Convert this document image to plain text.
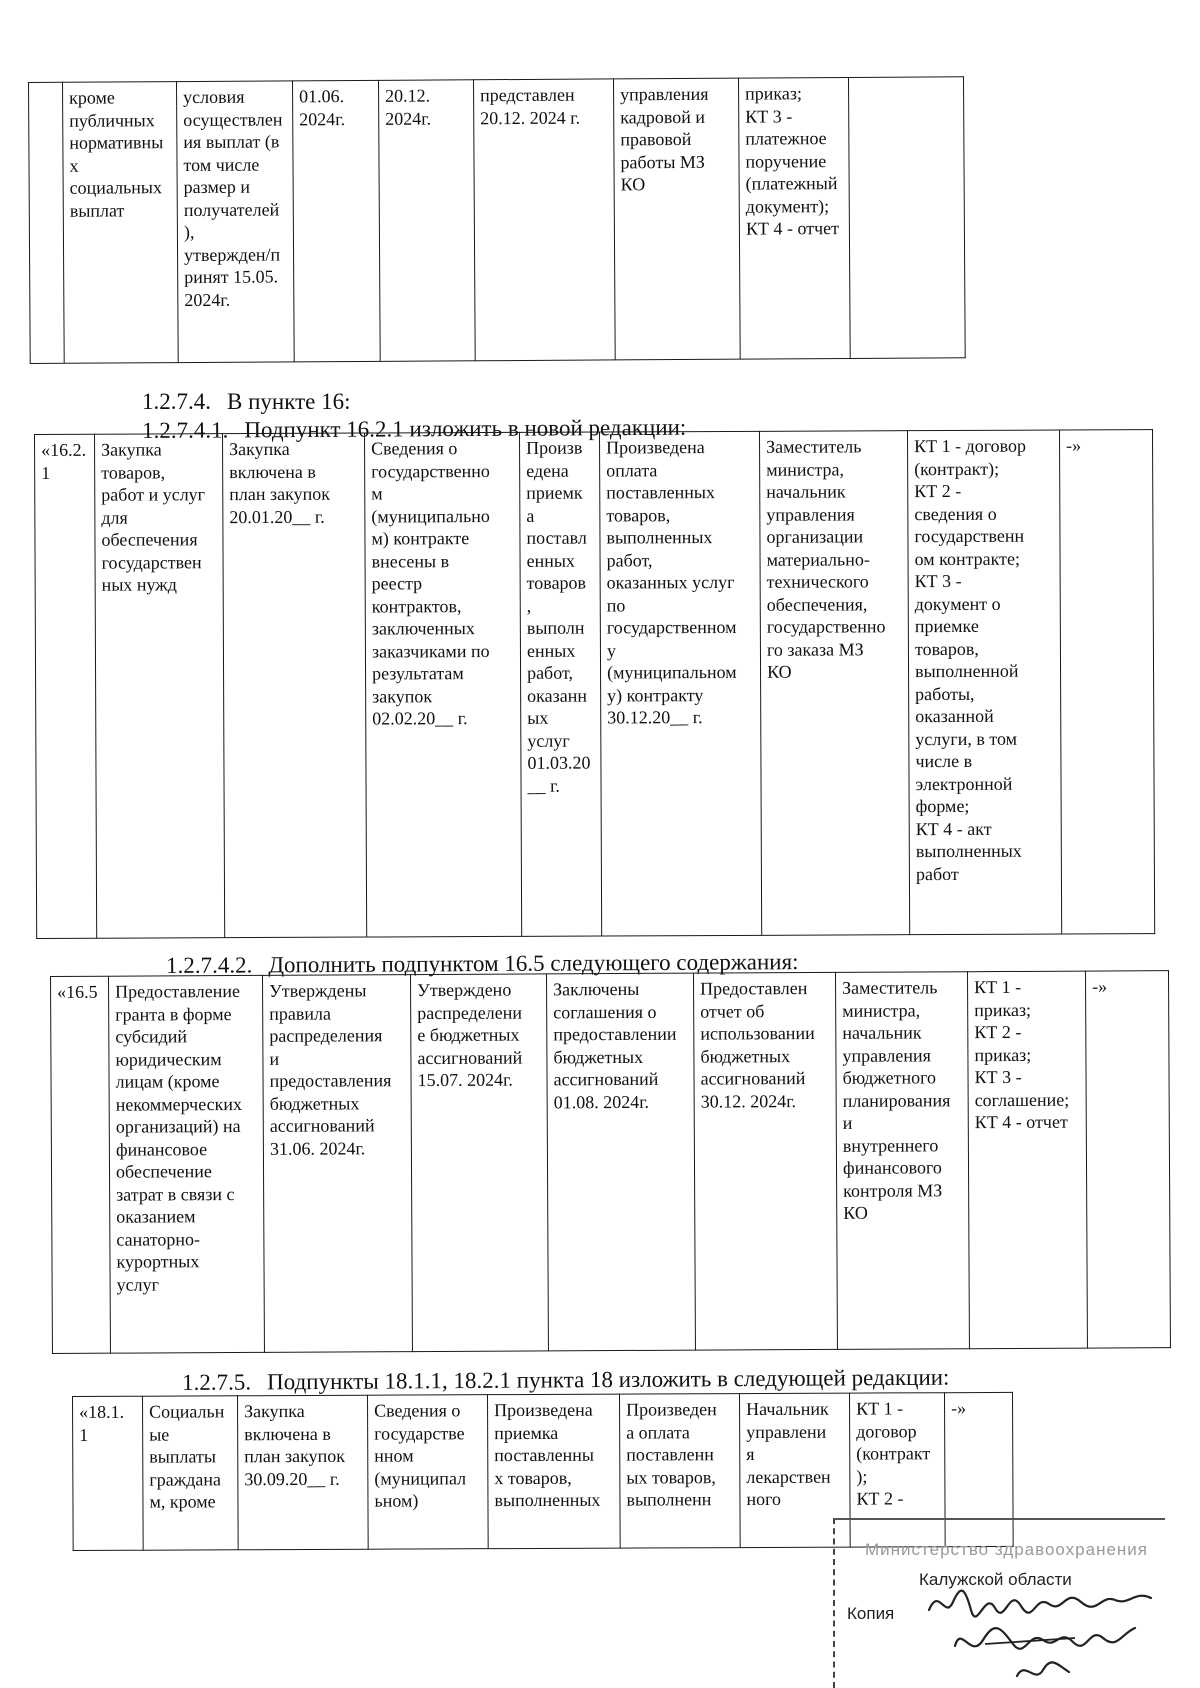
	кроме
публичных
нормативны
х
социальных
выплат	условия
осуществлен
ия выплат (в
том числе
размер и
получателей
),
утвержден/п
ринят 15.05.
2024г.	01.06.
2024г.	20.12.
2024г.	представлен
20.12. 2024 г.	управления
кадровой и
правовой
работы МЗ
КО	приказ;
КТ 3 -
платежное
поручение
(платежный
документ);
КТ 4 - отчет	
1.2.7.4. В пункте 16:
1.2.7.4.1. Подпункт 16.2.1 изложить в новой редакции:
«16.2.
1	Закупка
товаров,
работ и услуг
для
обеспечения
государствен
ных нужд	Закупка
включена в
план закупок
20.01.20__ г.	Сведения о
государственно
м
(муниципально
м) контракте
внесены в
реестр
контрактов,
заключенных
заказчиками по
результатам
закупок
02.02.20__ г.	Произв
едена
приемк
а
поставл
енных
товаров
,
выполн
енных
работ,
оказанн
ых
услуг
01.03.20
__ г.	Произведена
оплата
поставленных
товаров,
выполненных
работ,
оказанных услуг
по
государственном
у
(муниципальном
у) контракту
30.12.20__ г.	Заместитель
министра,
начальник
управления
организации
материально-
технического
обеспечения,
государственно
го заказа МЗ
КО	КТ 1 - договор
(контракт);
КТ 2 -
сведения о
государственн
ом контракте;
КТ 3 -
документ о
приемке
товаров,
выполненной
работы,
оказанной
услуги, в том
числе в
электронной
форме;
КТ 4 - акт
выполненных
работ	-»
1.2.7.4.2. Дополнить подпунктом 16.5 следующего содержания:
«16.5	Предоставление
гранта в форме
субсидий
юридическим
лицам (кроме
некоммерческих
организаций) на
финансовое
обеспечение
затрат в связи с
оказанием
санаторно-
курортных
услуг	Утверждены
правила
распределения
и
предоставления
бюджетных
ассигнований
31.06. 2024г.	Утверждено
распределени
е бюджетных
ассигнований
15.07. 2024г.	Заключены
соглашения о
предоставлении
бюджетных
ассигнований
01.08. 2024г.	Предоставлен
отчет об
использовании
бюджетных
ассигнований
30.12. 2024г.	Заместитель
министра,
начальник
управления
бюджетного
планирования
и
внутреннего
финансового
контроля МЗ
КО	КТ 1 -
приказ;
КТ 2 -
приказ;
КТ 3 -
соглашение;
КТ 4 - отчет	-»
1.2.7.5. Подпункты 18.1.1, 18.2.1 пункта 18 изложить в следующей редакции:
«18.1.
1	Социальн
ые
выплаты
гражданa
м, кроме	Закупка
включена в
план закупок
30.09.20__ г.	Сведения о
государстве
нном
(муниципал
ьном)	Произведена
приемка
поставленны
х товаров,
выполненных	Произведен
а оплата
поставленн
ых товаров,
выполненн	Начальник
управлени
я
лекарствен
ного	КТ 1 -
договор
(контракт
);
КТ 2 -	-»
Министерство здравоохранения
Калужской области
Копия
